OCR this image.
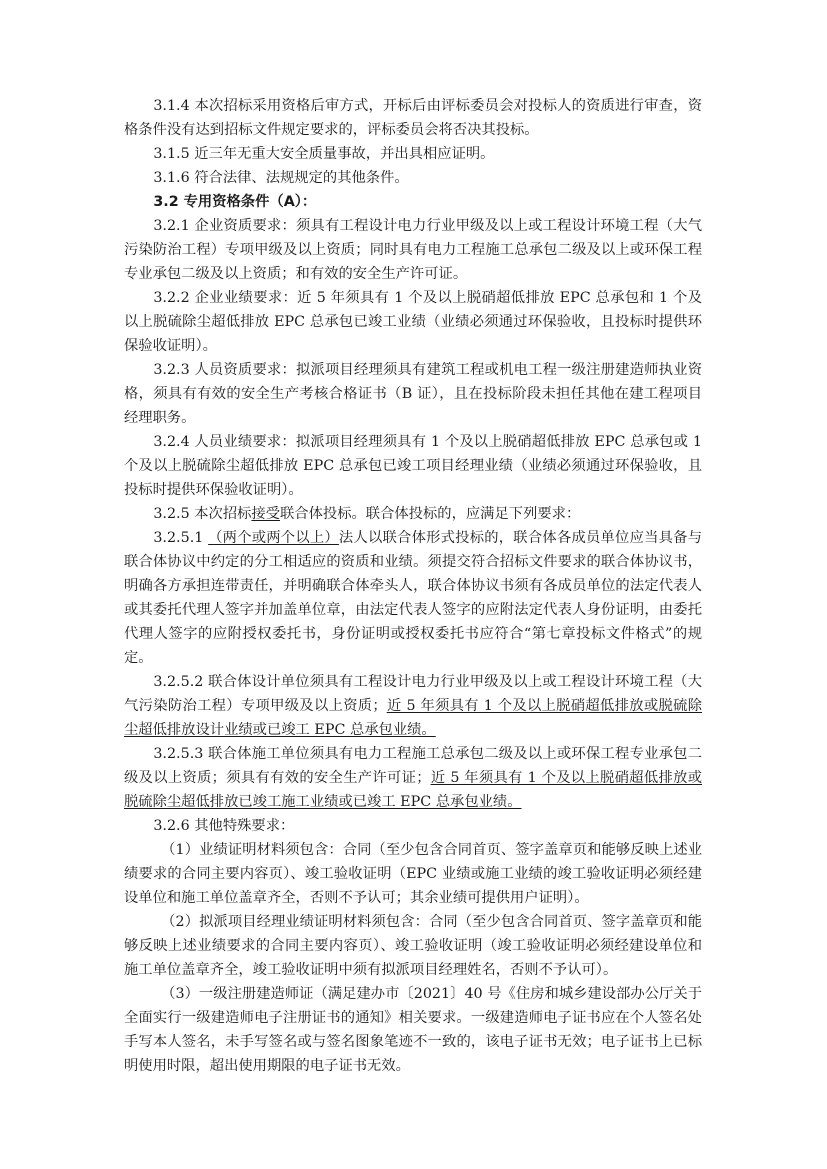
3.1.4 本次招标采用资格后审方式，开标后由评标委员会对投标人的资质进行审查，资格条件没有达到招标文件规定要求的，评标委员会将否决其投标。

3.1.5 近三年无重大安全质量事故，并出具相应证明。

3.1.6 符合法律、法规规定的其他条件。

3.2 专用资格条件（A）：

3.2.1 企业资质要求：须具有工程设计电力行业甲级及以上或工程设计环境工程（大气污染防治工程）专项甲级及以上资质；同时具有电力工程施工总承包二级及以上或环保工程专业承包二级及以上资质；和有效的安全生产许可证。

3.2.2 企业业绩要求：近 5 年须具有 1 个及以上脱硝超低排放 EPC 总承包和 1 个及以上脱硫除尘超低排放 EPC 总承包已竣工业绩（业绩必须通过环保验收，且投标时提供环保验收证明）。

3.2.3 人员资质要求：拟派项目经理须具有建筑工程或机电工程一级注册建造师执业资格，须具有有效的安全生产考核合格证书（B 证），且在投标阶段未担任其他在建工程项目经理职务。

3.2.4 人员业绩要求：拟派项目经理须具有 1 个及以上脱硝超低排放 EPC 总承包或 1 个及以上脱硫除尘超低排放 EPC 总承包已竣工项目经理业绩（业绩必须通过环保验收，且投标时提供环保验收证明）。

3.2.5 本次招标接受联合体投标。联合体投标的，应满足下列要求：

3.2.5.1 （两个或两个以上）法人以联合体形式投标的，联合体各成员单位应当具备与联合体协议中约定的分工相适应的资质和业绩。须提交符合招标文件要求的联合体协议书，明确各方承担连带责任，并明确联合体牵头人，联合体协议书须有各成员单位的法定代表人或其委托代理人签字并加盖单位章，由法定代表人签字的应附法定代表人身份证明，由委托代理人签字的应附授权委托书，身份证明或授权委托书应符合“第七章投标文件格式”的规定。

3.2.5.2 联合体设计单位须具有工程设计电力行业甲级及以上或工程设计环境工程（大气污染防治工程）专项甲级及以上资质；近 5 年须具有 1 个及以上脱硝超低排放或脱硫除尘超低排放设计业绩或已竣工 EPC 总承包业绩。

3.2.5.3 联合体施工单位须具有电力工程施工总承包二级及以上或环保工程专业承包二级及以上资质；须具有有效的安全生产许可证；近 5 年须具有 1 个及以上脱硝超低排放或脱硫除尘超低排放已竣工施工业绩或已竣工 EPC 总承包业绩。

3.2.6 其他特殊要求：

（1）业绩证明材料须包含：合同（至少包含合同首页、签字盖章页和能够反映上述业绩要求的合同主要内容页）、竣工验收证明（EPC 业绩或施工业绩的竣工验收证明必须经建设单位和施工单位盖章齐全，否则不予认可；其余业绩可提供用户证明）。

（2）拟派项目经理业绩证明材料须包含：合同（至少包含合同首页、签字盖章页和能够反映上述业绩要求的合同主要内容页）、竣工验收证明（竣工验收证明必须经建设单位和施工单位盖章齐全，竣工验收证明中须有拟派项目经理姓名，否则不予认可）。

（3）一级注册建造师证（满足建办市〔2021〕40 号《住房和城乡建设部办公厅关于全面实行一级建造师电子注册证书的通知》相关要求。一级建造师电子证书应在个人签名处手写本人签名，未手写签名或与签名图象笔迹不一致的，该电子证书无效；电子证书上已标明使用时限，超出使用期限的电子证书无效。
